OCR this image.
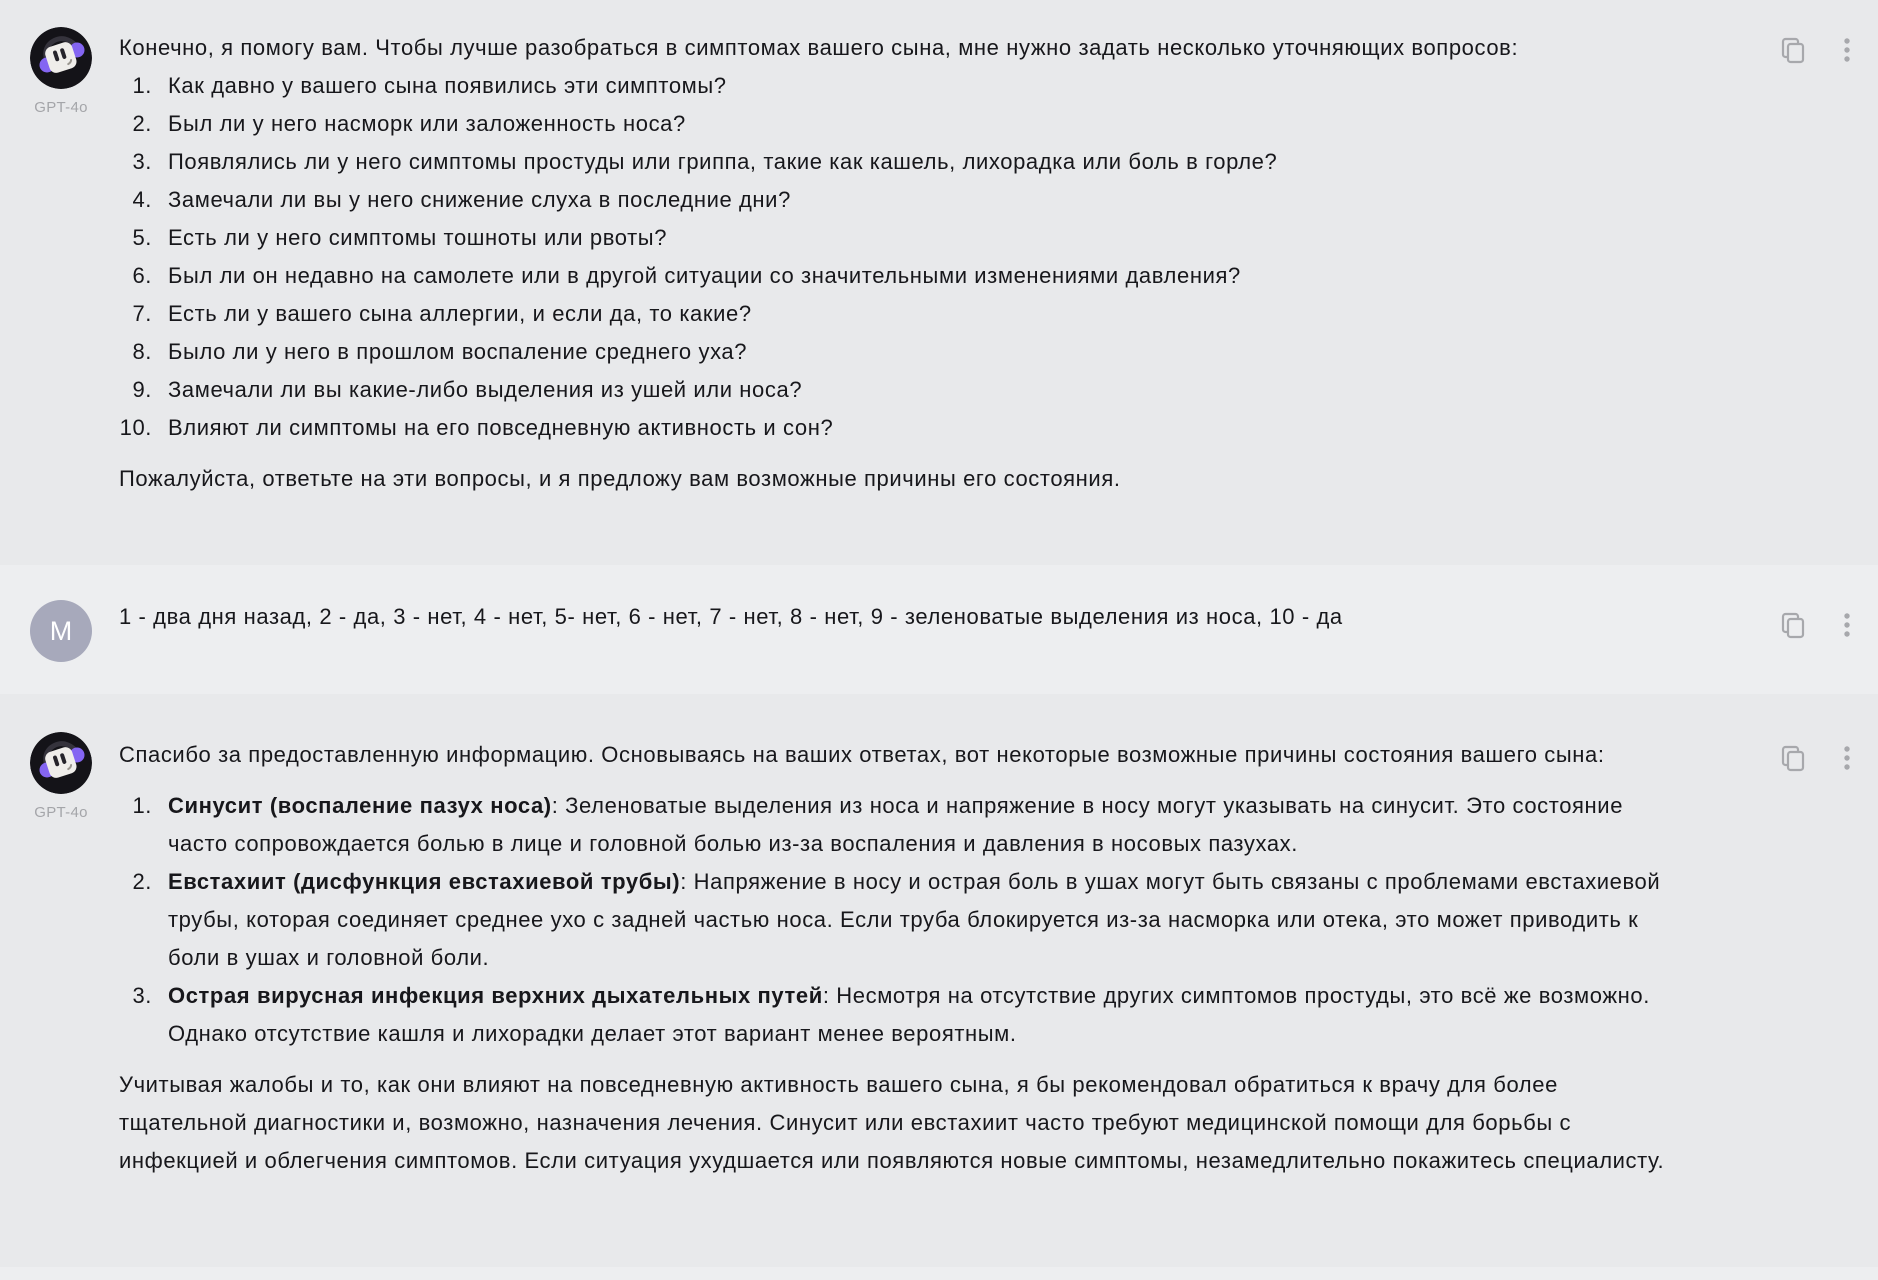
GPT-4o

Конечно, я помогу вам. Чтобы лучше разобраться в симптомах вашего сына, мне нужно задать несколько уточняющих вопросов:

Как давно у вашего сына появились эти симптомы?
Был ли у него насморк или заложенность носа?
Появлялись ли у него симптомы простуды или гриппа, такие как кашель, лихорадка или боль в горле?
Замечали ли вы у него снижение слуха в последние дни?
Есть ли у него симптомы тошноты или рвоты?
Был ли он недавно на самолете или в другой ситуации со значительными изменениями давления?
Есть ли у вашего сына аллергии, и если да, то какие?
Было ли у него в прошлом воспаление среднего уха?
Замечали ли вы какие-либо выделения из ушей или носа?
Влияют ли симптомы на его повседневную активность и сон?

Пожалуйста, ответьте на эти вопросы, и я предложу вам возможные причины его состояния.

M 1 - два дня назад, 2 - да, 3 - нет, 4 - нет, 5- нет, 6 - нет, 7 - нет, 8 - нет, 9 - зеленоватые выделения из носа, 10 - да

GPT-4o

Спасибо за предоставленную информацию. Основываясь на ваших ответах, вот некоторые возможные причины состояния вашего сына:

Синусит (воспаление пазух носа): Зеленоватые выделения из носа и напряжение в носу могут указывать на синусит. Это состояние часто сопровождается болью в лице и головной болью из-за воспаления и давления в носовых пазухах.
Евстахиит (дисфункция евстахиевой трубы): Напряжение в носу и острая боль в ушах могут быть связаны с проблемами евстахиевой трубы, которая соединяет среднее ухо с задней частью носа. Если труба блокируется из-за насморка или отека, это может приводить к боли в ушах и головной боли.
Острая вирусная инфекция верхних дыхательных путей: Несмотря на отсутствие других симптомов простуды, это всё же возможно. Однако отсутствие кашля и лихорадки делает этот вариант менее вероятным.

Учитывая жалобы и то, как они влияют на повседневную активность вашего сына, я бы рекомендовал обратиться к врачу для более тщательной диагностики и, возможно, назначения лечения. Синусит или евстахиит часто требуют медицинской помощи для борьбы с инфекцией и облегчения симптомов. Если ситуация ухудшается или появляются новые симптомы, незамедлительно покажитесь специалисту.
